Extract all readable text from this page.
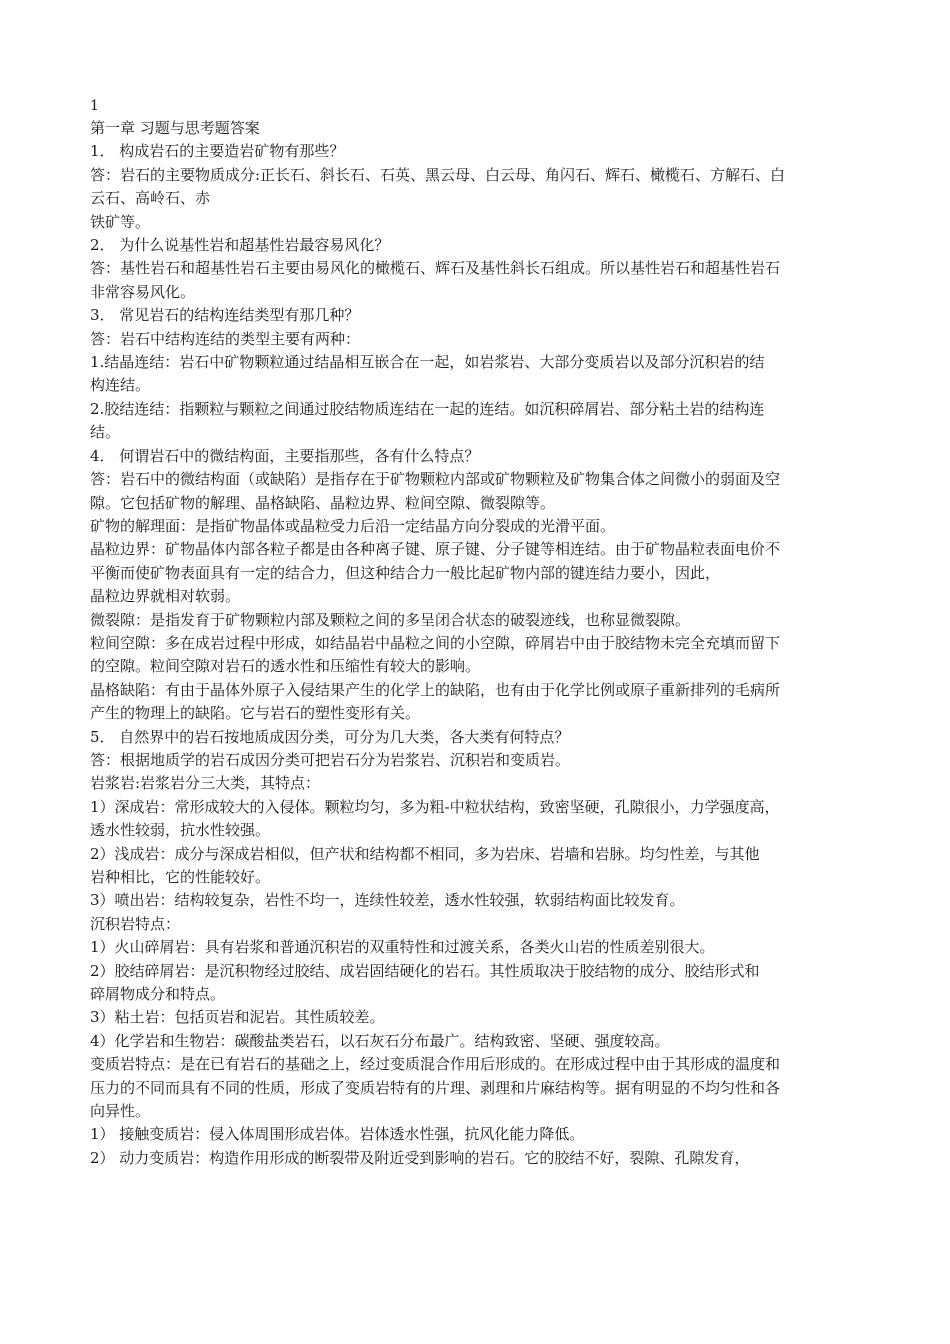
1
第一章 习题与思考题答案
1． 构成岩石的主要造岩矿物有那些？
答：岩石的主要物质成分:正长石、斜长石、石英、黑云母、白云母、角闪石、辉石、橄榄石、方解石、白
云石、高岭石、赤
铁矿等。
2． 为什么说基性岩和超基性岩最容易风化？
答：基性岩石和超基性岩石主要由易风化的橄榄石、辉石及基性斜长石组成。所以基性岩石和超基性岩石
非常容易风化。
3． 常见岩石的结构连结类型有那几种？
答：岩石中结构连结的类型主要有两种：
1.结晶连结：岩石中矿物颗粒通过结晶相互嵌合在一起，如岩浆岩、大部分变质岩以及部分沉积岩的结
构连结。
2.胶结连结：指颗粒与颗粒之间通过胶结物质连结在一起的连结。如沉积碎屑岩、部分粘土岩的结构连
结。
4． 何谓岩石中的微结构面，主要指那些，各有什么特点？
答：岩石中的微结构面（或缺陷）是指存在于矿物颗粒内部或矿物颗粒及矿物集合体之间微小的弱面及空
隙。它包括矿物的解理、晶格缺陷、晶粒边界、粒间空隙、微裂隙等。
矿物的解理面：是指矿物晶体或晶粒受力后沿一定结晶方向分裂成的光滑平面。
晶粒边界：矿物晶体内部各粒子都是由各种离子键、原子键、分子键等相连结。由于矿物晶粒表面电价不
平衡而使矿物表面具有一定的结合力，但这种结合力一般比起矿物内部的键连结力要小，因此，
晶粒边界就相对软弱。
微裂隙：是指发育于矿物颗粒内部及颗粒之间的多呈闭合状态的破裂迹线，也称显微裂隙。
粒间空隙：多在成岩过程中形成，如结晶岩中晶粒之间的小空隙，碎屑岩中由于胶结物未完全充填而留下
的空隙。粒间空隙对岩石的透水性和压缩性有较大的影响。
晶格缺陷：有由于晶体外原子入侵结果产生的化学上的缺陷，也有由于化学比例或原子重新排列的毛病所
产生的物理上的缺陷。它与岩石的塑性变形有关。
5． 自然界中的岩石按地质成因分类，可分为几大类，各大类有何特点？
答：根据地质学的岩石成因分类可把岩石分为岩浆岩、沉积岩和变质岩。
岩浆岩:岩浆岩分三大类，其特点：
1）深成岩：常形成较大的入侵体。颗粒均匀，多为粗-中粒状结构，致密坚硬，孔隙很小，力学强度高，
透水性较弱，抗水性较强。
2）浅成岩：成分与深成岩相似，但产状和结构都不相同，多为岩床、岩墙和岩脉。均匀性差，与其他
岩种相比，它的性能较好。
3）喷出岩：结构较复杂，岩性不均一，连续性较差，透水性较强，软弱结构面比较发育。
沉积岩特点：
1）火山碎屑岩：具有岩浆和普通沉积岩的双重特性和过渡关系，各类火山岩的性质差别很大。
2）胶结碎屑岩：是沉积物经过胶结、成岩固结硬化的岩石。其性质取决于胶结物的成分、胶结形式和
碎屑物成分和特点。
3）粘土岩：包括页岩和泥岩。其性质较差。
4）化学岩和生物岩：碳酸盐类岩石，以石灰石分布最广。结构致密、坚硬、强度较高。
变质岩特点：是在已有岩石的基础之上，经过变质混合作用后形成的。在形成过程中由于其形成的温度和
压力的不同而具有不同的性质，形成了变质岩特有的片理、剥理和片麻结构等。据有明显的不均匀性和各
向异性。
1） 接触变质岩：侵入体周围形成岩体。岩体透水性强，抗风化能力降低。
2） 动力变质岩：构造作用形成的断裂带及附近受到影响的岩石。它的胶结不好，裂隙、孔隙发育，
